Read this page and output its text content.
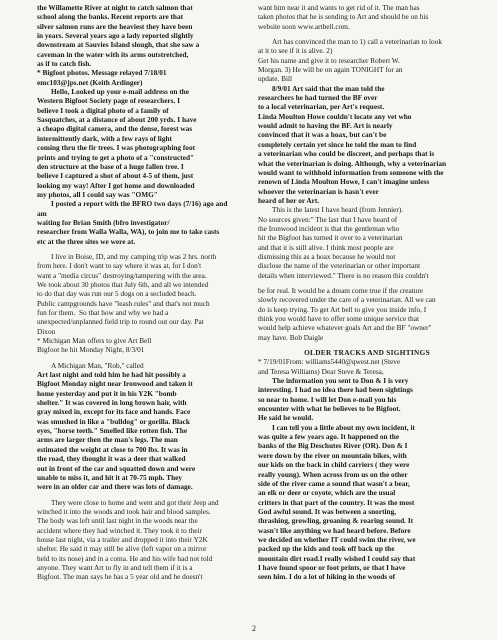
the Willamette River at night to catch salmon that
school along the banks. Recent reports are that
silver salmon runs are the heaviest they have been
in years. Several years ago a lady reported slightly
downstream at Sauvies Island slough, that she saw a
caveman in the water with its arms outstretched,
as if to catch fish.
* Bigfoot photos. Message relayed 7/18/01
emc103@jps.net (Keith Ardinger)
Hello, Looked up your e-mail address on the
Western Bigfoot Society page of researchers. I
believe I took a digital photo of a family of
Sasquatches, at a distance of about 200 yrds. I have
a cheapo digital camera, and the dense, forest was
intermittently dark, with a few rays of light
coming thru the fir trees. I was photographing foot
prints and trying to get a photo of a "constructed"
den structure at the base of a huge fallen tree. I
believe I captured a shot of about 4-5 of them, just
looking my way! After I got home and downloaded
my photos, all I could say was "OMG"
I posted a report with the BFRO two days (7/16) ago and
am
waiting for Brian Smith (bfro investigator/
researcher from Walla Walla, WA), to join me to take casts
etc at the three sites we were at.
I live in Boise, ID, and my camping trip was 2 hrs. north
from here. I don't want to say where it was at, for I don't
want a "media circus" destroying/tampering with the area.
We took about 30 photos that July 6th, and all we intended
to do that day was run our 5 dogs on a secluded beach.
Public campgrounds have "leash rules" and that's not much
fun for them.  So that how and why we had a
unexpected/unplanned field trip to round out our day. Pat
Dixon
* Michigan Man offers to give Art Bell
Bigfoot he hit Monday Night, 8/3/01
A Michigan Man, "Rob," called
Art last night and told him he had hit possibly a
Bigfoot Monday night near Ironwood and taken it
home yesterday and put it in his Y2K "bomb
shelter." It was covered in long brown hair, with
gray mixed in, except for its face and hands. Face
was smushed in like a "bulldog" or gorilla. Black
eyes, "horse teeth." Smelled like rotten fish. The
arms are larger then the man's legs. The man
estimated the weight at close to 700 lbs. It was in
the road, they thought it was a deer that walked
out in front of the car and squatted down and were
unable to miss it, and hit it at 70-75 mph. They
were in an older car and there was lots of damage.
They were close to home and went and got their Jeep and
winched it into the woods and took hair and blood samples.
The body was left until last night in the woods near the
accident where they had winched it. They took it to their
house last night, via a trailer and dropped it into their Y2K
shelter. He said it may still be alive (left vapor on a mirror
held to its nose) and in a coma. He and his wife had not told
anyone. They want Art to fly in and tell them if it is a
Bigfoot. The man says he has a 5 year old and he doesn't
want him near it and wants to get rid of it. The man has
taken photos that he is sending to Art and should be on his
website soon www.artbell.com.
Art has convinced the man to 1) call a veterinarian to look
at it to see if it is alive. 2)
Get his name and give it to researcher Robert W.
Morgan. 3) He will be on again TONIGHT for an
update. Bill
8/9/01 Art said that the man told the
researchers he had turned the BF over
to a local veterinarian, per Art's request.
Linda Moulton Howe couldn't locate any vet who
would admit to having the BF. Art is nearly
convinced that it was a hoax, but can't be
completely certain yet since he told the man to find
a veterinarian who could be discreet, and perhaps that is
what the veterinarian is doing. Although, why a veterinarian
would want to withhold information from someone with the
renown of Linda Moulton Howe, I can't imagine unless
whoever the veterinarian is hasn't ever
heard of her or Art.
This is the latest I have heard (from Jennier).
No sources given:" The last that I have heard of
the Ironwood incident is that the gentleman who
hit the Bigfoot has turned it over to a veterinarian
and that it is still alive. I think most people are
dismissing this as a hoax because he would not
disclose the name of the veterinarian or other important
details when interviewed." There is no reason this couldn't
be for real. It would be a dream come true if the creature
slowly recovered under the care of a veterinarian. All we can
do is keep trying. To get Art bell to give you inside info, I
think you would have to offer some unique service that
would help achieve whatever goals Art and the BF "owner"
may have. Bob Daigle
OLDER TRACKS AND SIGHTINGS
* 7/19/01From: williams5440@qwest.net (Steve
and Teresa Williams) Dear Steve & Teresa,
The information you sent to Don & I is very
interesting. I had no idea there had been sightings
so near to home. I will let Don e-mail you his
encounter with what he believes to be Bigfoot.
He said he would.
I can tell you a little about my own incident, it
was quite a few years ago. It happened on the
banks of the Big Deschutes River (OR). Don & I
were down by the river on mountain bikes, with
our kids on the back in child carriers ( they were
really young). When across from us on the other
side of the river came a sound that wasn't a bear,
an elk or deer or coyote, which are the usual
critters in that part of the country. It was the most
God awful sound. It was between a snorting,
thrashing, growling, groaning & roaring sound. It
wasn't like anything we had heard before. Before
we decided on whether IT could swim the river, we
packed up the kids and took off back up the
mountain dirt road.I really wished I could say that
I have found spoor or foot prints, or that I have
seen him. I do a lot of hiking in the woods of
2
